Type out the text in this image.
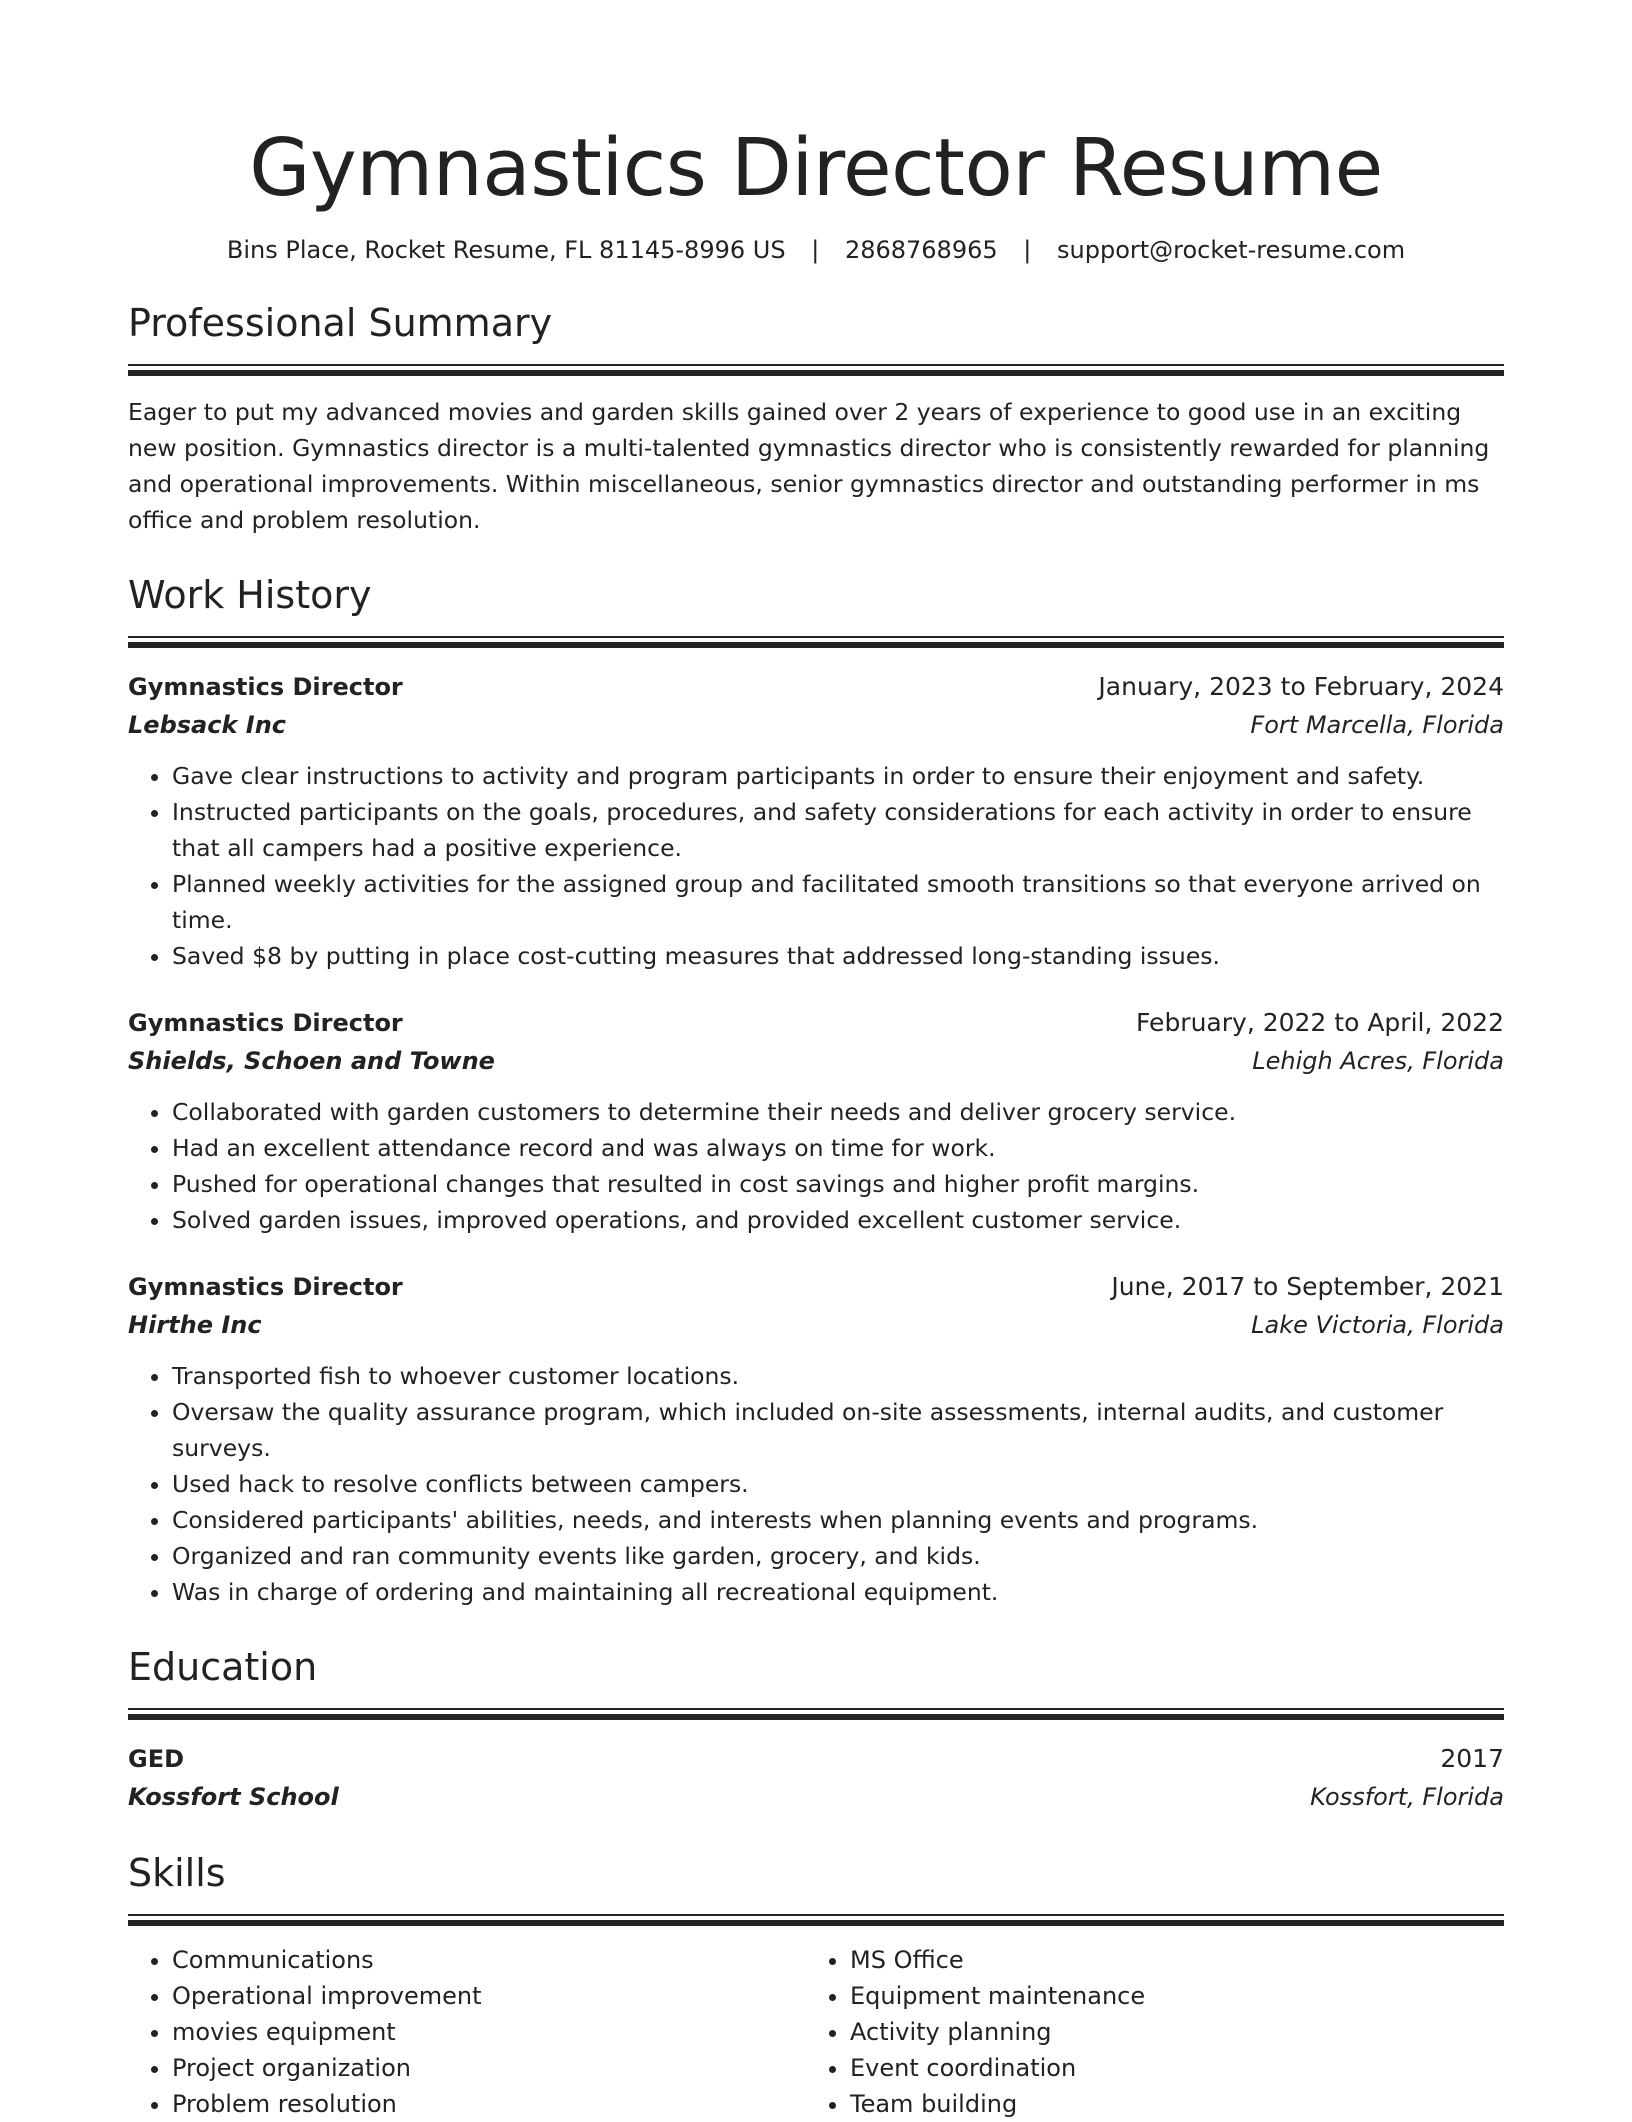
Gymnastics Director Resume
Bins Place, Rocket Resume, FL 81145-8996 US | 2868768965 | support@rocket-resume.com
Professional Summary
Eager to put my advanced movies and garden skills gained over 2 years of experience to good use in an exciting new position. Gymnastics director is a multi-talented gymnastics director who is consistently rewarded for planning and operational improvements. Within miscellaneous, senior gymnastics director and outstanding performer in ms office and problem resolution.
Work History
Gymnastics Director	January, 2023 to February, 2024
Lebsack Inc	Fort Marcella, Florida
• Gave clear instructions to activity and program participants in order to ensure their enjoyment and safety.
• Instructed participants on the goals, procedures, and safety considerations for each activity in order to ensure that all campers had a positive experience.
• Planned weekly activities for the assigned group and facilitated smooth transitions so that everyone arrived on time.
• Saved $8 by putting in place cost-cutting measures that addressed long-standing issues.
Gymnastics Director	February, 2022 to April, 2022
Shields, Schoen and Towne	Lehigh Acres, Florida
• Collaborated with garden customers to determine their needs and deliver grocery service.
• Had an excellent attendance record and was always on time for work.
• Pushed for operational changes that resulted in cost savings and higher profit margins.
• Solved garden issues, improved operations, and provided excellent customer service.
Gymnastics Director	June, 2017 to September, 2021
Hirthe Inc	Lake Victoria, Florida
• Transported fish to whoever customer locations.
• Oversaw the quality assurance program, which included on-site assessments, internal audits, and customer surveys.
• Used hack to resolve conflicts between campers.
• Considered participants' abilities, needs, and interests when planning events and programs.
• Organized and ran community events like garden, grocery, and kids.
• Was in charge of ordering and maintaining all recreational equipment.
Education
GED	2017
Kossfort School	Kossfort, Florida
Skills
• Communications
• Operational improvement
• movies equipment
• Project organization
• Problem resolution
• MS Office
• Equipment maintenance
• Activity planning
• Event coordination
• Team building
